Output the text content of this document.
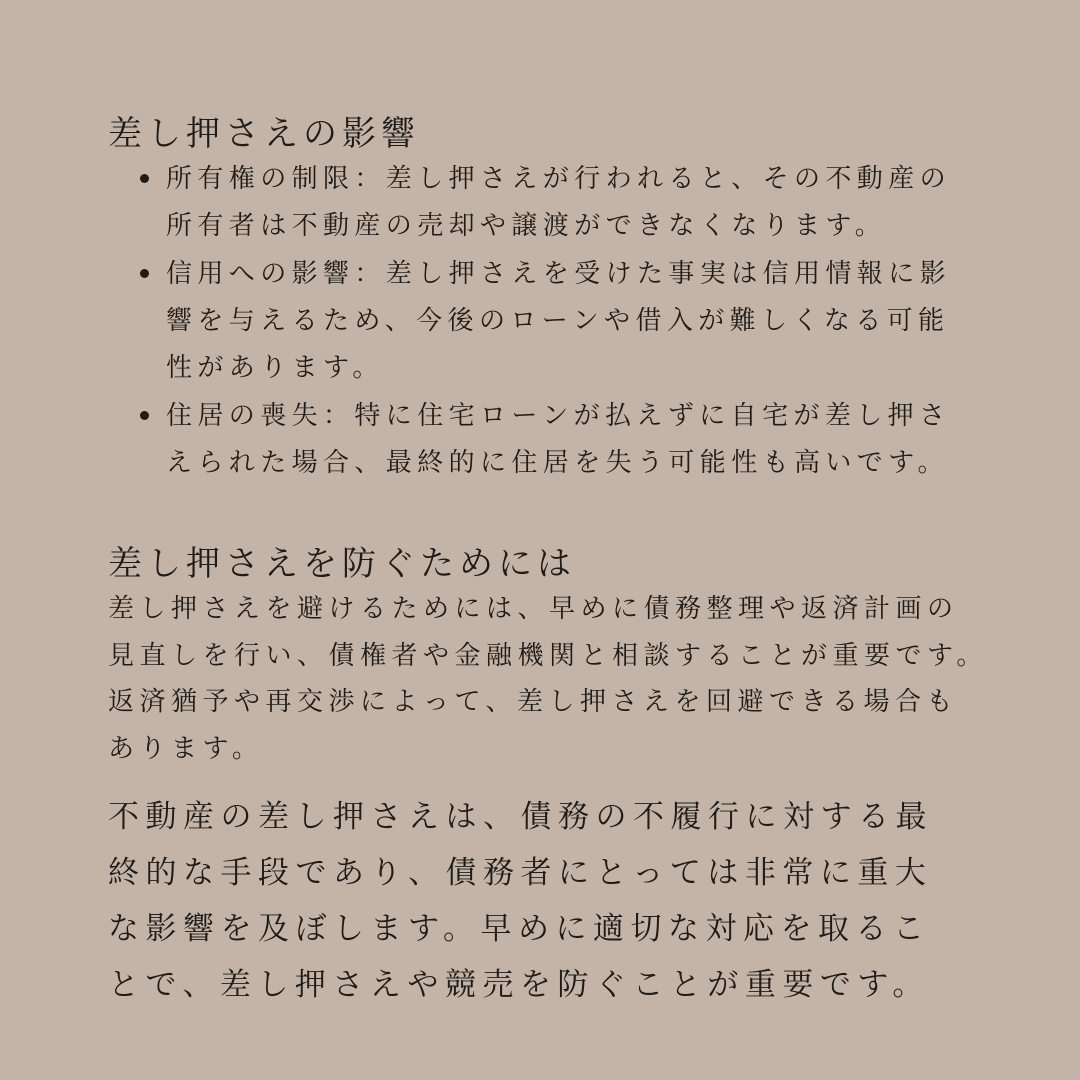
差し押さえの影響
所有権の制限：差し押さえが行われると、その不動産の所有者は不動産の売却や譲渡ができなくなります。
信用への影響：差し押さえを受けた事実は信用情報に影響を与えるため、今後のローンや借入が難しくなる可能性があります。
住居の喪失：特に住宅ローンが払えずに自宅が差し押さえられた場合、最終的に住居を失う可能性も高いです。
差し押さえを防ぐためには

差し押さえを避けるためには、早めに債務整理や返済計画の見直しを行い、債権者や金融機関と相談することが重要です。返済猶予や再交渉によって、差し押さえを回避できる場合もあります。

不動産の差し押さえは、債務の不履行に対する最終的な手段であり、債務者にとっては非常に重大な影響を及ぼします。早めに適切な対応を取ることで、差し押さえや競売を防ぐことが重要です。
